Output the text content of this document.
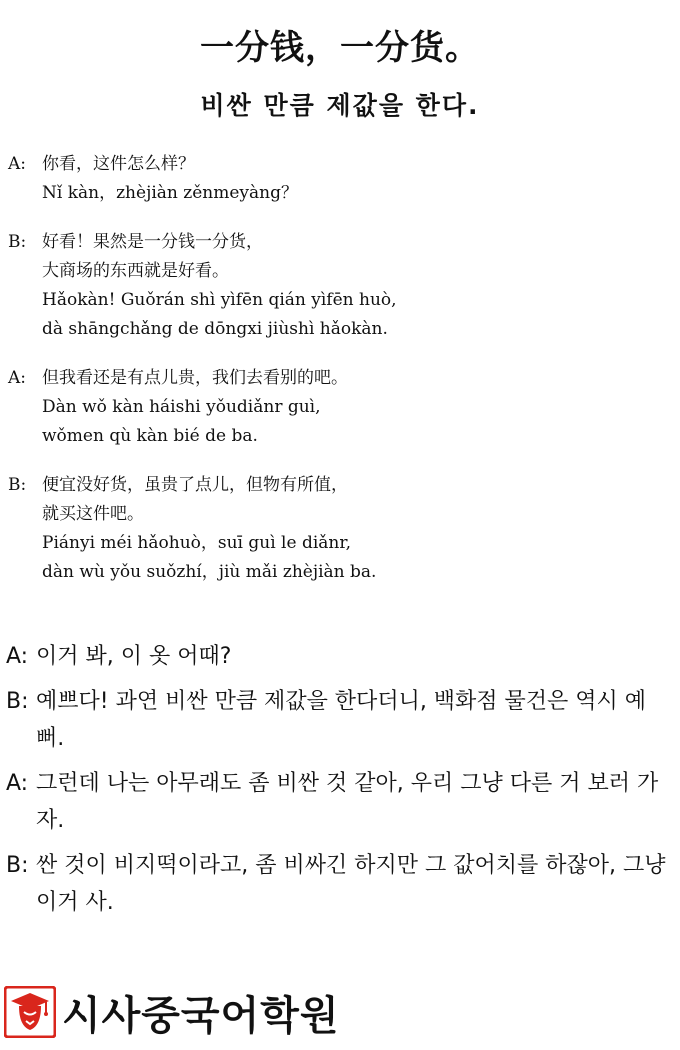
一分钱，一分货。
비싼 만큼 제값을 한다.
A: 你看，这件怎么样？
Nǐ kàn，zhèjiàn zěnmeyàng？
B: 好看！果然是一分钱一分货，
大商场的东西就是好看。
Hǎokàn! Guǒrán shì yìfēn qián yìfēn huò,
dà shāngchǎng de dōngxi jiùshì hǎokàn.
A: 但我看还是有点儿贵，我们去看别的吧。
Dàn wǒ kàn háishi yǒudiǎnr guì,
wǒmen qù kàn bié de ba.
B: 便宜没好货，虽贵了点儿，但物有所值，
就买这件吧。
Piányi méi hǎohuò，suī guì le diǎnr,
dàn wù yǒu suǒzhí，jiù mǎi zhèjiàn ba.
A: 이거 봐, 이 옷 어때?
B: 예쁘다! 과연 비싼 만큼 제값을 한다더니, 백화점 물건은 역시 예뻐.
A: 그런데 나는 아무래도 좀 비싼 것 같아, 우리 그냥 다른 거 보러 가자.
B: 싼 것이 비지떡이라고, 좀 비싸긴 하지만 그 값어치를 하잖아, 그냥 이거 사.
시사중국어학원
